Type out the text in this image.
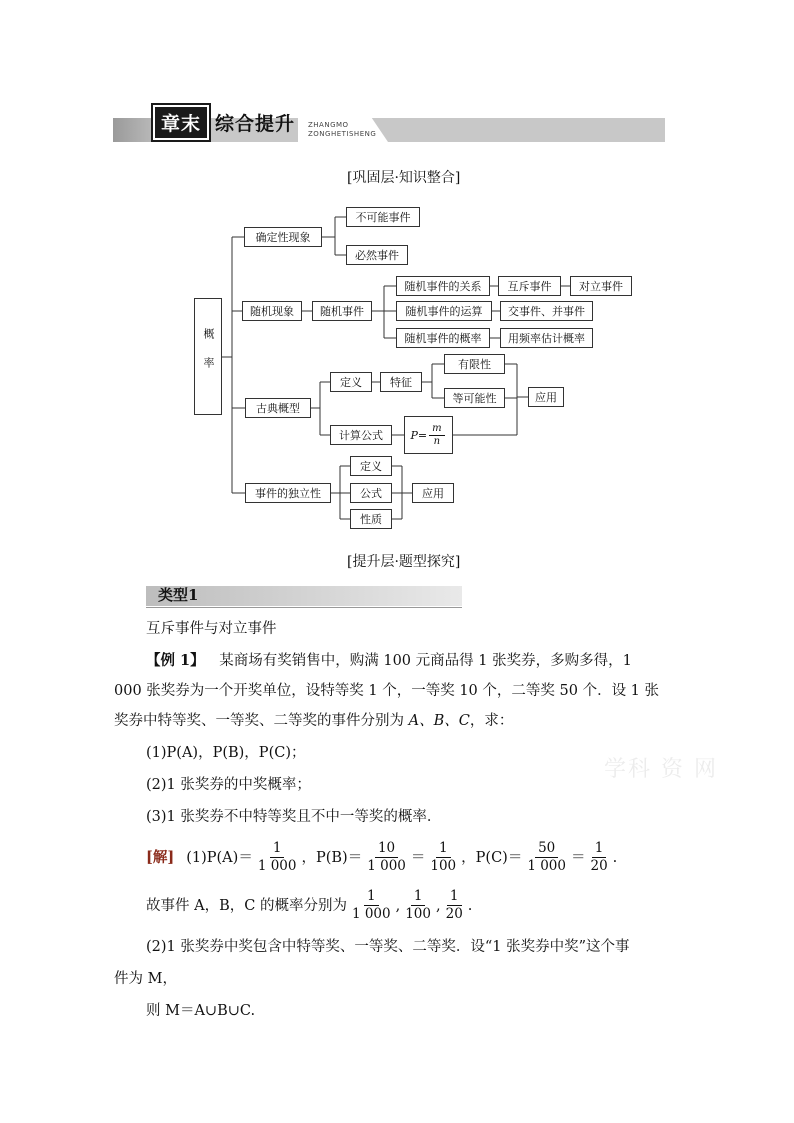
章末 综合提升 ZHANGMO
ZONGHETISHENG
[巩固层·知识整合]
概率
确定性现象
不可能事件
必然事件
随机现象	随机事件
随机事件的关系	互斥事件	对立事件
随机事件的运算	交事件、并事件
随机事件的概率	用频率估计概率
古典概型
定义	特征
有限性
等可能性	应用
计算公式	$P= \frac{m}{n}$
事件的独立性
定义
公式
性质
应用
[提升层·题型探究]
类型1
互斥事件与对立事件
【例 1】 某商场有奖销售中，购满 100 元商品得 1 张奖券，多购多得，1
000 张奖券为一个开奖单位，设特等奖 1 个，一等奖 10 个，二等奖 50 个．设 1 张
奖券中特等奖、一等奖、二等奖的事件分别为 A、B、C，求：
(1)P(A)，P(B)，P(C)；
(2)1 张奖券的中奖概率；
(3)1 张奖券不中特等奖且不中一等奖的概率．
学科 资 网
[解] $(1)P(A)= \frac{1}{1 000}$ ，$P(B)= \frac{10}{1 000} = \frac{1}{100}$ ，$P(C)= \frac{50}{1 000} = \frac{1}{20}$ .
故事件 A，B，C 的概率分别为 $\frac{1}{1 000}$ , $\frac{1}{100}$ , $\frac{1}{20}$ .
(2)1 张奖券中奖包含中特等奖、一等奖、二等奖．设“1 张奖券中奖”这个事
件为 M，
则 M＝A∪B∪C.
